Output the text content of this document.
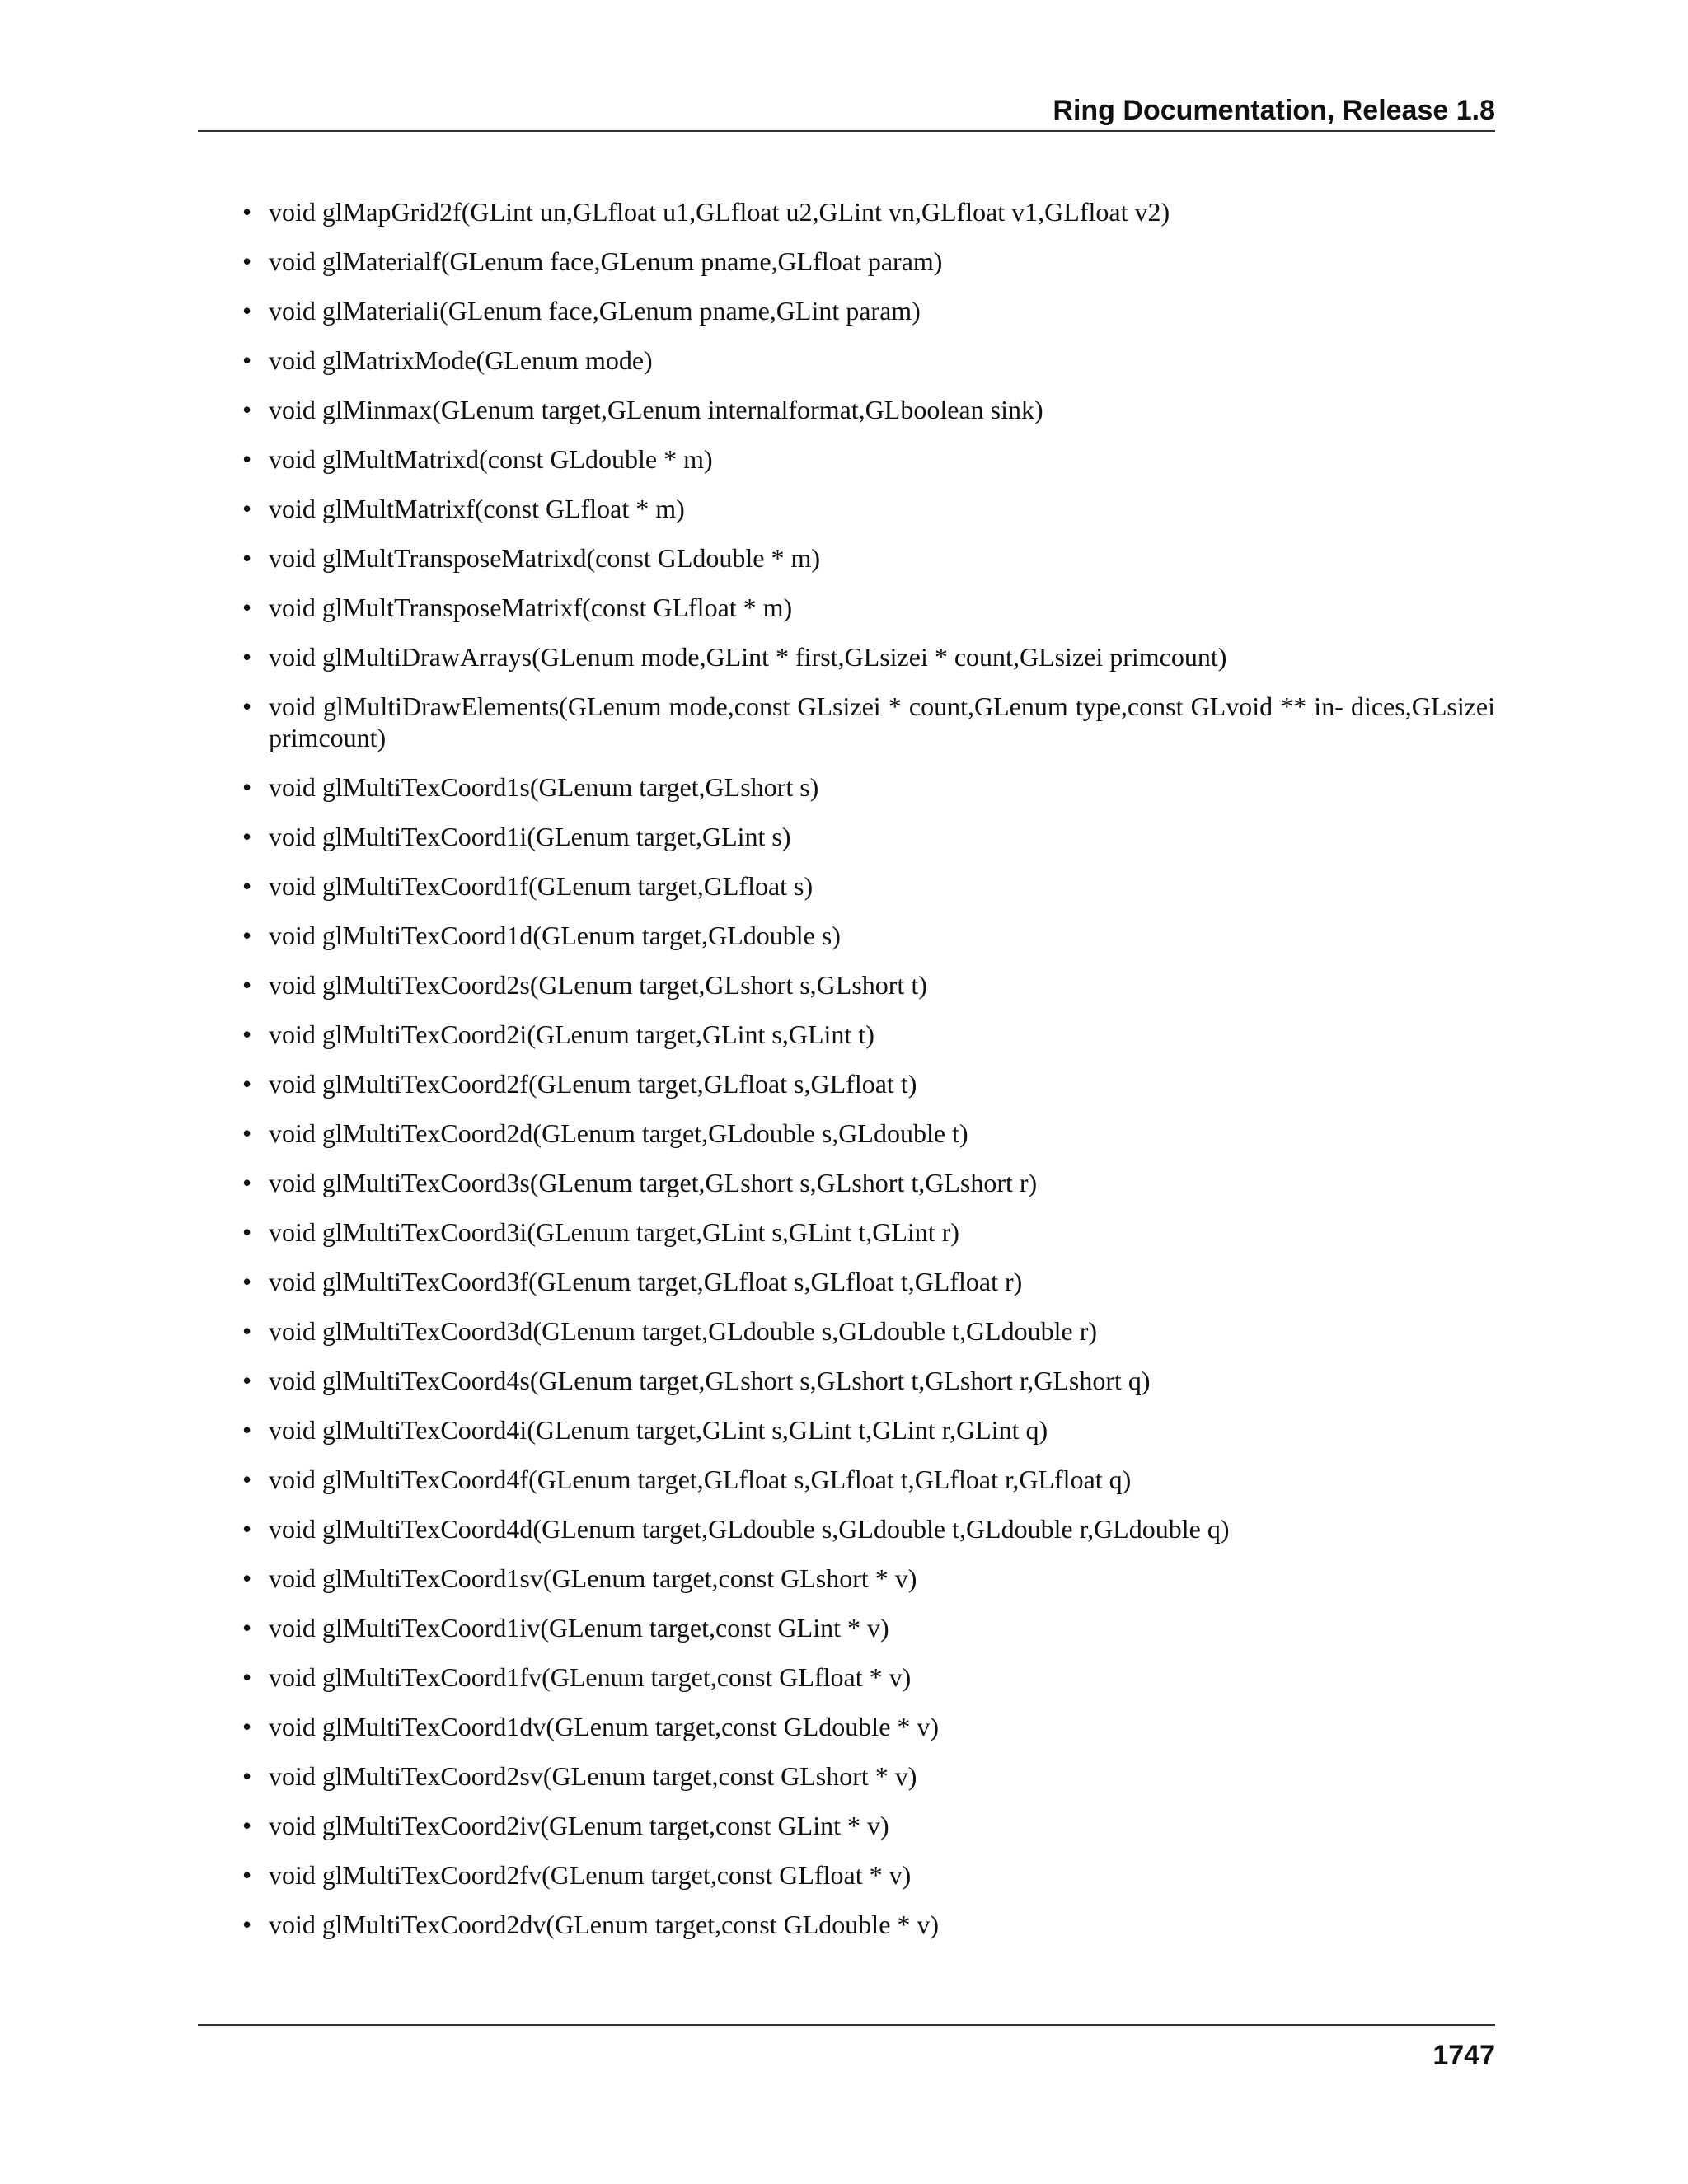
Ring Documentation, Release 1.8
• void glMapGrid2f(GLint un,GLfloat u1,GLfloat u2,GLint vn,GLfloat v1,GLfloat v2)
• void glMaterialf(GLenum face,GLenum pname,GLfloat param)
• void glMateriali(GLenum face,GLenum pname,GLint param)
• void glMatrixMode(GLenum mode)
• void glMinmax(GLenum target,GLenum internalformat,GLboolean sink)
• void glMultMatrixd(const GLdouble * m)
• void glMultMatrixf(const GLfloat * m)
• void glMultTransposeMatrixd(const GLdouble * m)
• void glMultTransposeMatrixf(const GLfloat * m)
• void glMultiDrawArrays(GLenum mode,GLint * first,GLsizei * count,GLsizei primcount)
• void glMultiDrawElements(GLenum mode,const GLsizei * count,GLenum type,const GLvoid ** in- dices,GLsizei primcount)
• void glMultiTexCoord1s(GLenum target,GLshort s)
• void glMultiTexCoord1i(GLenum target,GLint s)
• void glMultiTexCoord1f(GLenum target,GLfloat s)
• void glMultiTexCoord1d(GLenum target,GLdouble s)
• void glMultiTexCoord2s(GLenum target,GLshort s,GLshort t)
• void glMultiTexCoord2i(GLenum target,GLint s,GLint t)
• void glMultiTexCoord2f(GLenum target,GLfloat s,GLfloat t)
• void glMultiTexCoord2d(GLenum target,GLdouble s,GLdouble t)
• void glMultiTexCoord3s(GLenum target,GLshort s,GLshort t,GLshort r)
• void glMultiTexCoord3i(GLenum target,GLint s,GLint t,GLint r)
• void glMultiTexCoord3f(GLenum target,GLfloat s,GLfloat t,GLfloat r)
• void glMultiTexCoord3d(GLenum target,GLdouble s,GLdouble t,GLdouble r)
• void glMultiTexCoord4s(GLenum target,GLshort s,GLshort t,GLshort r,GLshort q)
• void glMultiTexCoord4i(GLenum target,GLint s,GLint t,GLint r,GLint q)
• void glMultiTexCoord4f(GLenum target,GLfloat s,GLfloat t,GLfloat r,GLfloat q)
• void glMultiTexCoord4d(GLenum target,GLdouble s,GLdouble t,GLdouble r,GLdouble q)
• void glMultiTexCoord1sv(GLenum target,const GLshort * v)
• void glMultiTexCoord1iv(GLenum target,const GLint * v)
• void glMultiTexCoord1fv(GLenum target,const GLfloat * v)
• void glMultiTexCoord1dv(GLenum target,const GLdouble * v)
• void glMultiTexCoord2sv(GLenum target,const GLshort * v)
• void glMultiTexCoord2iv(GLenum target,const GLint * v)
• void glMultiTexCoord2fv(GLenum target,const GLfloat * v)
• void glMultiTexCoord2dv(GLenum target,const GLdouble * v)
1747
